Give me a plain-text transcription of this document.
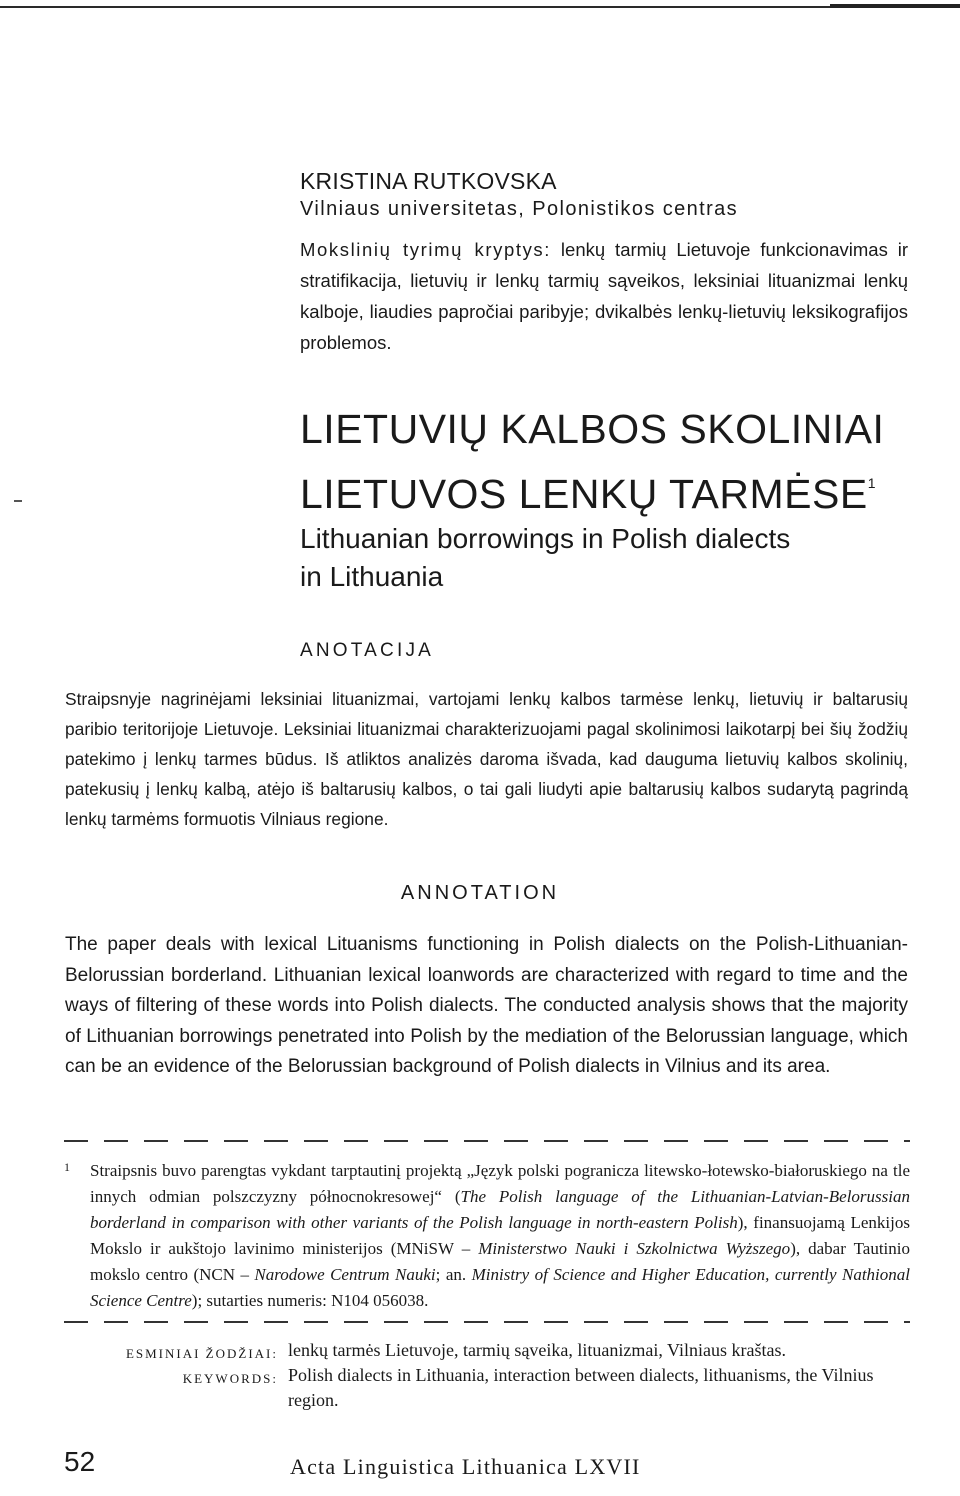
KRISTINA RUTKOVSKA
Vilniaus universitetas, Polonistikos centras
Mokslinių tyrimų kryptys: lenkų tarmių Lietuvoje funkcionavimas ir stratifikacija, lietuvių ir lenkų tarmių sąveikos, leksiniai lituanizmai lenkų kalboje, liaudies papročiai paribyje; dvikalbės lenkų-lietuvių leksikografijos problemos.
LIETUVIŲ KALBOS SKOLINIAI
LIETUVOS LENKŲ TARMĖSE$^1$
Lithuanian borrowings in Polish dialects
in Lithuania
ANOTACIJA
Straipsnyje nagrinėjami leksiniai lituanizmai, vartojami lenkų kalbos tarmėse lenkų, lietuvių ir baltarusių paribio teritorijoje Lietuvoje. Leksiniai lituanizmai charakterizuojami pagal skolinimosi laikotarpį bei šių žodžių patekimo į lenkų tarmes būdus. Iš atliktos analizės daroma išvada, kad dauguma lietuvių kalbos skolinių, patekusių į lenkų kalbą, atėjo iš baltarusių kalbos, o tai gali liudyti apie baltarusių kalbos sudarytą pagrindą lenkų tarmėms formuotis Vilniaus regione.
ANNOTATION
The paper deals with lexical Lituanisms functioning in Polish dialects on the Polish-Lithuanian-Belorussian borderland. Lithuanian lexical loanwords are characterized with regard to time and the ways of filtering of these words into Polish dialects. The conducted analysis shows that the majority of Lithuanian borrowings penetrated into Polish by the mediation of the Belorussian language, which can be an evidence of the Belorussian background of Polish dialects in Vilnius and its area.
1 Straipsnis buvo parengtas vykdant tarptautinį projektą „Język polski pogranicza litewsko-łotewsko-białoruskiego na tle innych odmian polszczyzny północnokresowej“ (The Polish language of the Lithuanian-Latvian-Belorussian borderland in comparison with other variants of the Polish language in north-eastern Polish), finansuojamą Lenkijos Mokslo ir aukštojo lavinimo ministerijos (MNiSW – Ministerstwo Nauki i Szkolnictwa Wyższego), dabar Tautinio mokslo centro (NCN – Narodowe Centrum Nauki; an. Ministry of Science and Higher Education, currently Nathional Science Centre); sutarties numeris: N104 056038.
ESMINIAI ŽODŽIAI: lenkų tarmės Lietuvoje, tarmių sąveika, lituanizmai, Vilniaus kraštas.
KEYWORDS: Polish dialects in Lithuania, interaction between dialects, lithuanisms, the Vilnius region.
52	Acta Linguistica Lithuanica LXVII
